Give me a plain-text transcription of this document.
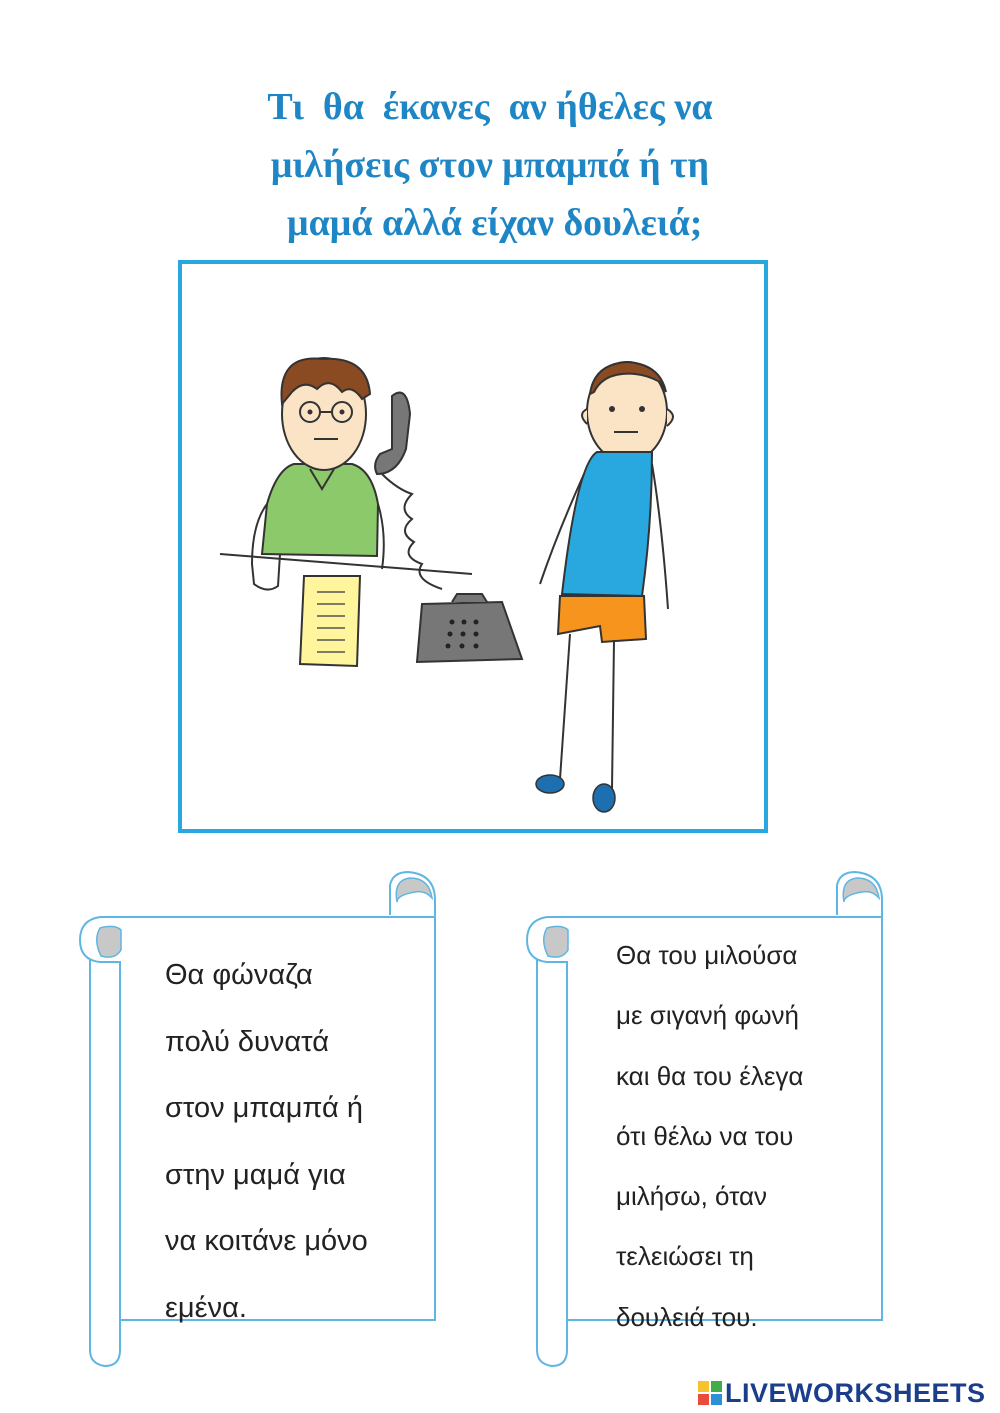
Τι  θα  έκανες  αν ήθελες να
μιλήσεις στον μπαμπά ή τη
μαμά αλλά είχαν δουλειά;
Θα φώναζα
πολύ δυνατά
στον μπαμπά ή
στην μαμά για
να κοιτάνε μόνο
εμένα.
Θα του μιλούσα
με σιγανή φωνή
και θα του έλεγα
ότι θέλω να του
μιλήσω, όταν
τελειώσει τη
δουλειά του.
LIVEWORKSHEETS
